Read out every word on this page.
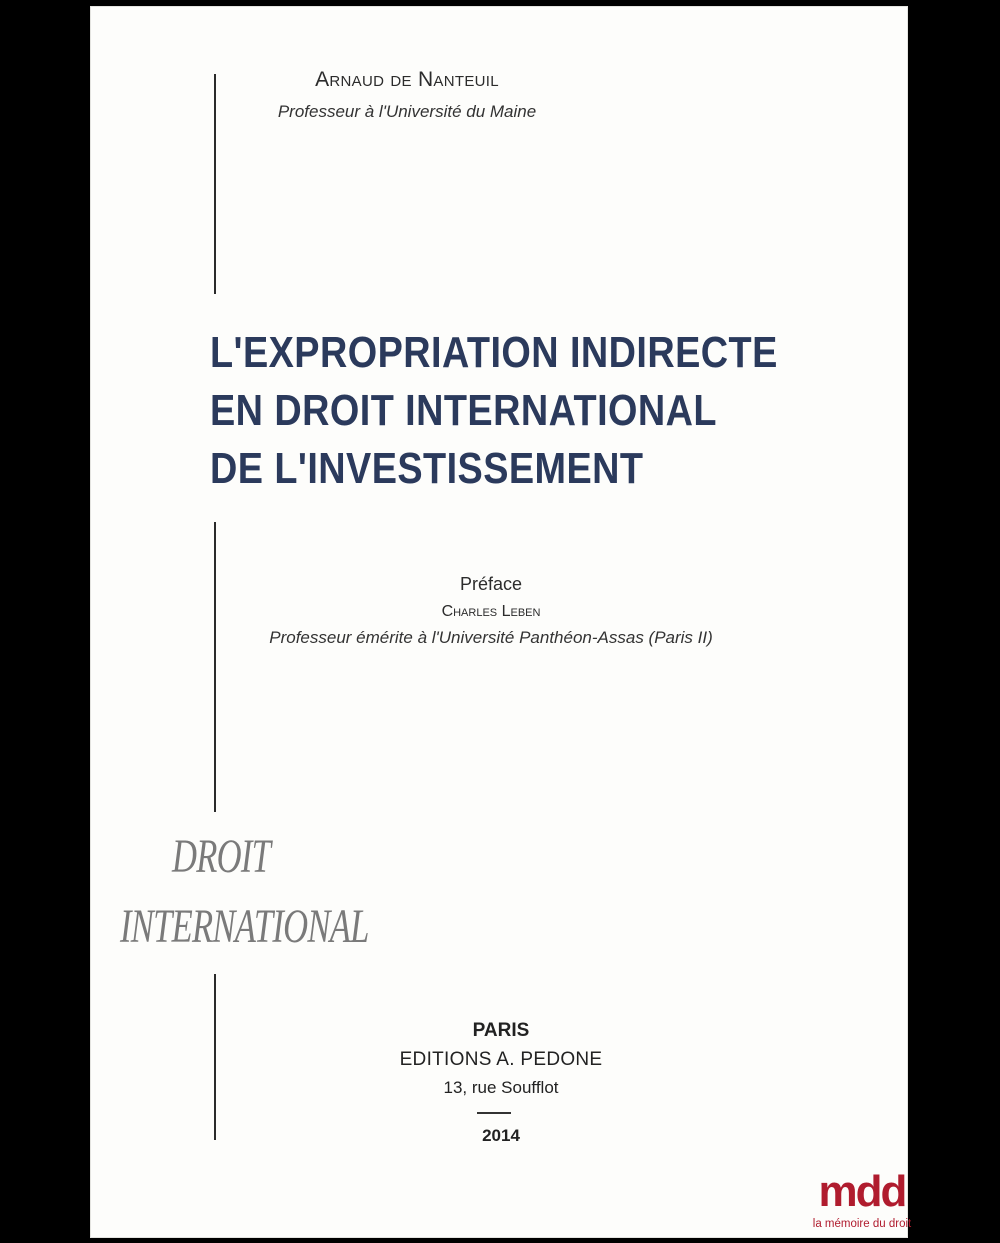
Arnaud de Nanteuil
Professeur à l'Université du Maine
L'EXPROPRIATION INDIRECTE
EN DROIT INTERNATIONAL
DE L'INVESTISSEMENT
Préface
Charles Leben
Professeur émérite à l'Université Panthéon-Assas (Paris II)
DROIT
INTERNATIONAL
PARIS
EDITIONS A. PEDONE
13, rue Soufflot
2014
mdd
la mémoire du droit
